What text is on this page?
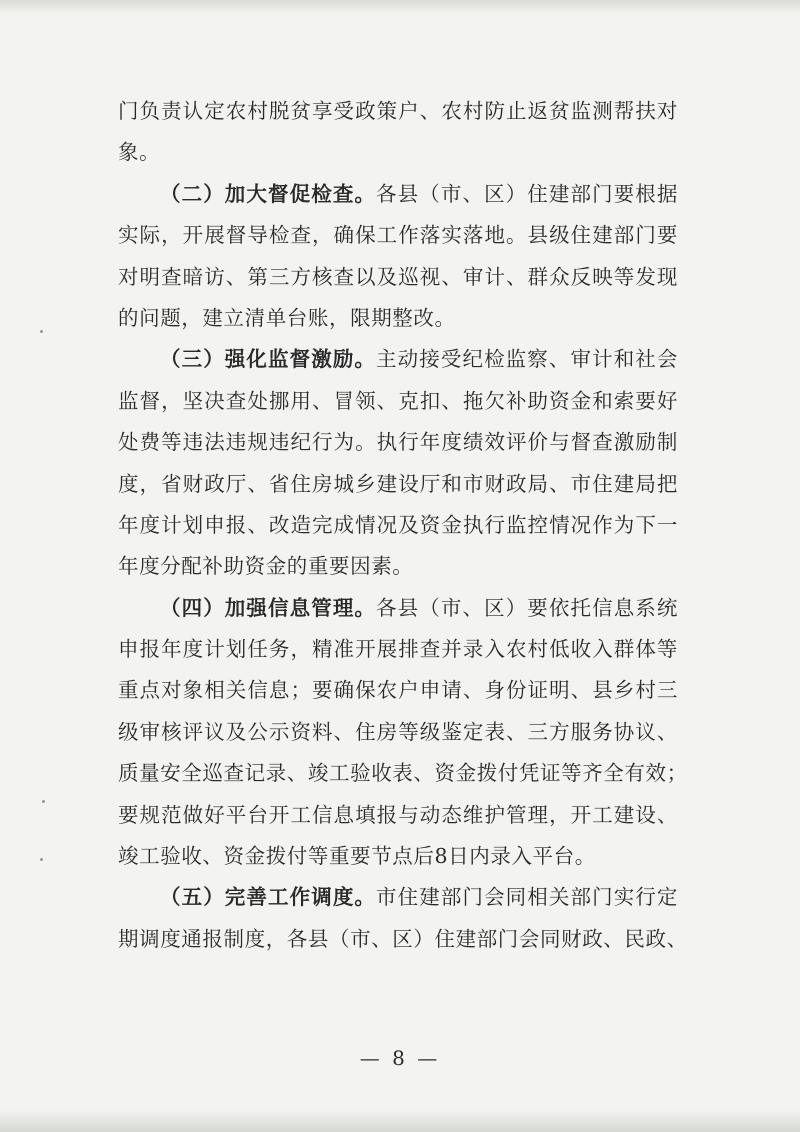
门负责认定农村脱贫享受政策户、农村防止返贫监测帮扶对
象。
（二）加大督促检查。各县（市、区）住建部门要根据
实际，开展督导检查，确保工作落实落地。县级住建部门要
对明查暗访、第三方核查以及巡视、审计、群众反映等发现
的问题，建立清单台账，限期整改。
（三）强化监督激励。主动接受纪检监察、审计和社会
监督，坚决查处挪用、冒领、克扣、拖欠补助资金和索要好
处费等违法违规违纪行为。执行年度绩效评价与督查激励制
度，省财政厅、省住房城乡建设厅和市财政局、市住建局把
年度计划申报、改造完成情况及资金执行监控情况作为下一
年度分配补助资金的重要因素。
（四）加强信息管理。各县（市、区）要依托信息系统
申报年度计划任务，精准开展排查并录入农村低收入群体等
重点对象相关信息；要确保农户申请、身份证明、县乡村三
级审核评议及公示资料、住房等级鉴定表、三方服务协议、
质量安全巡查记录、竣工验收表、资金拨付凭证等齐全有效；
要规范做好平台开工信息填报与动态维护管理，开工建设、
竣工验收、资金拨付等重要节点后8日内录入平台。
（五）完善工作调度。市住建部门会同相关部门实行定
期调度通报制度，各县（市、区）住建部门会同财政、民政、
— 8 —
